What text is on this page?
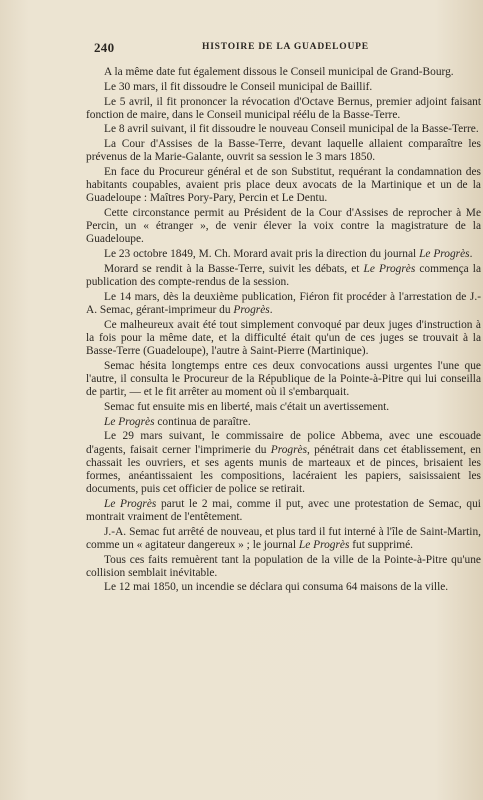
240	HISTOIRE DE LA GUADELOUPE

A la même date fut également dissous le Conseil municipal de Grand-Bourg.

Le 30 mars, il fit dissoudre le Conseil municipal de Baillif.

Le 5 avril, il fit prononcer la révocation d'Octave Bernus, premier adjoint faisant fonction de maire, dans le Conseil municipal réélu de la Basse-Terre.

Le 8 avril suivant, il fit dissoudre le nouveau Conseil municipal de la Basse-Terre.

La Cour d'Assises de la Basse-Terre, devant laquelle allaient comparaître les prévenus de la Marie-Galante, ouvrit sa session le 3 mars 1850.

En face du Procureur général et de son Substitut, requérant la condamnation des habitants coupables, avaient pris place deux avocats de la Martinique et un de la Guadeloupe : Maîtres Pory-Pary, Percin et Le Dentu.

Cette circonstance permit au Président de la Cour d'Assises de reprocher à Me Percin, un « étranger », de venir élever la voix contre la magistrature de la Guadeloupe.

Le 23 octobre 1849, M. Ch. Morard avait pris la direction du journal Le Progrès.

Morard se rendit à la Basse-Terre, suivit les débats, et Le Progrès commença la publication des compte-rendus de la session.

Le 14 mars, dès la deuxième publication, Fiéron fit procéder à l'arrestation de J.-A. Semac, gérant-imprimeur du Progrès.

Ce malheureux avait été tout simplement convoqué par deux juges d'instruction à la fois pour la même date, et la difficulté était qu'un de ces juges se trouvait à la Basse-Terre (Guadeloupe), l'autre à Saint-Pierre (Martinique).

Semac hésita longtemps entre ces deux convocations aussi urgentes l'une que l'autre, il consulta le Procureur de la République de la Pointe-à-Pitre qui lui conseilla de partir, — et le fit arrêter au moment où il s'embarquait.

Semac fut ensuite mis en liberté, mais c'était un avertissement.

Le Progrès continua de paraître.

Le 29 mars suivant, le commissaire de police Abbema, avec une escouade d'agents, faisait cerner l'imprimerie du Progrès, pénétrait dans cet établissement, en chassait les ouvriers, et ses agents munis de marteaux et de pinces, brisaient les formes, anéantissaient les compositions, lacéraient les papiers, saisissaient les documents, puis cet officier de police se retirait.

Le Progrès parut le 2 mai, comme il put, avec une protestation de Semac, qui montrait vraiment de l'entêtement.

J.-A. Semac fut arrêté de nouveau, et plus tard il fut interné à l'île de Saint-Martin, comme un « agitateur dangereux » ; le journal Le Progrès fut supprimé.

Tous ces faits remuèrent tant la population de la ville de la Pointe-à-Pitre qu'une collision semblait inévitable.

Le 12 mai 1850, un incendie se déclara qui consuma 64 maisons de la ville.
